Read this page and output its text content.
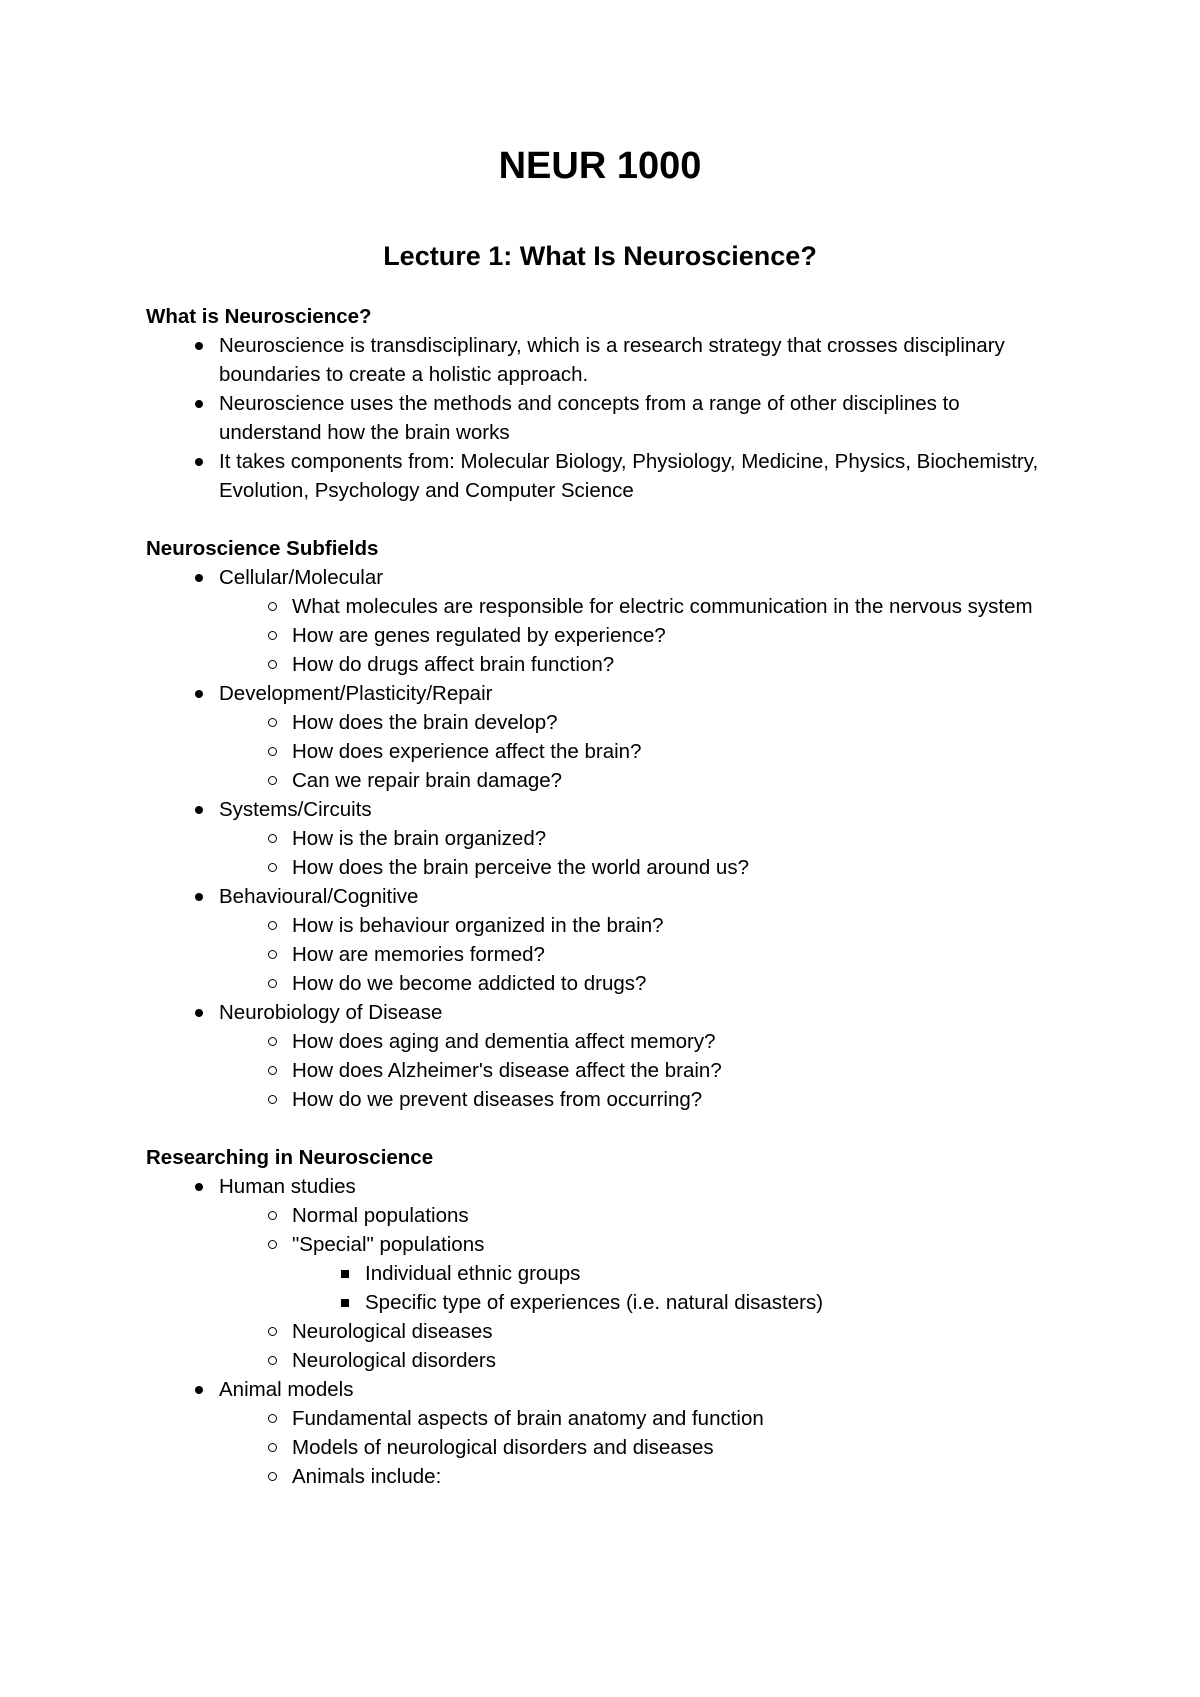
NEUR 1000
Lecture 1: What Is Neuroscience?
What is Neuroscience?
Neuroscience is transdisciplinary, which is a research strategy that crosses disciplinary boundaries to create a holistic approach.
Neuroscience uses the methods and concepts from a range of other disciplines to understand how the brain works
It takes components from: Molecular Biology, Physiology, Medicine, Physics, Biochemistry, Evolution, Psychology and Computer Science
Neuroscience Subfields
Cellular/Molecular
What molecules are responsible for electric communication in the nervous system
How are genes regulated by experience?
How do drugs affect brain function?
Development/Plasticity/Repair
How does the brain develop?
How does experience affect the brain?
Can we repair brain damage?
Systems/Circuits
How is the brain organized?
How does the brain perceive the world around us?
Behavioural/Cognitive
How is behaviour organized in the brain?
How are memories formed?
How do we become addicted to drugs?
Neurobiology of Disease
How does aging and dementia affect memory?
How does Alzheimer's disease affect the brain?
How do we prevent diseases from occurring?
Researching in Neuroscience
Human studies
Normal populations
"Special" populations
Individual ethnic groups
Specific type of experiences (i.e. natural disasters)
Neurological diseases
Neurological disorders
Animal models
Fundamental aspects of brain anatomy and function
Models of neurological disorders and diseases
Animals include:
